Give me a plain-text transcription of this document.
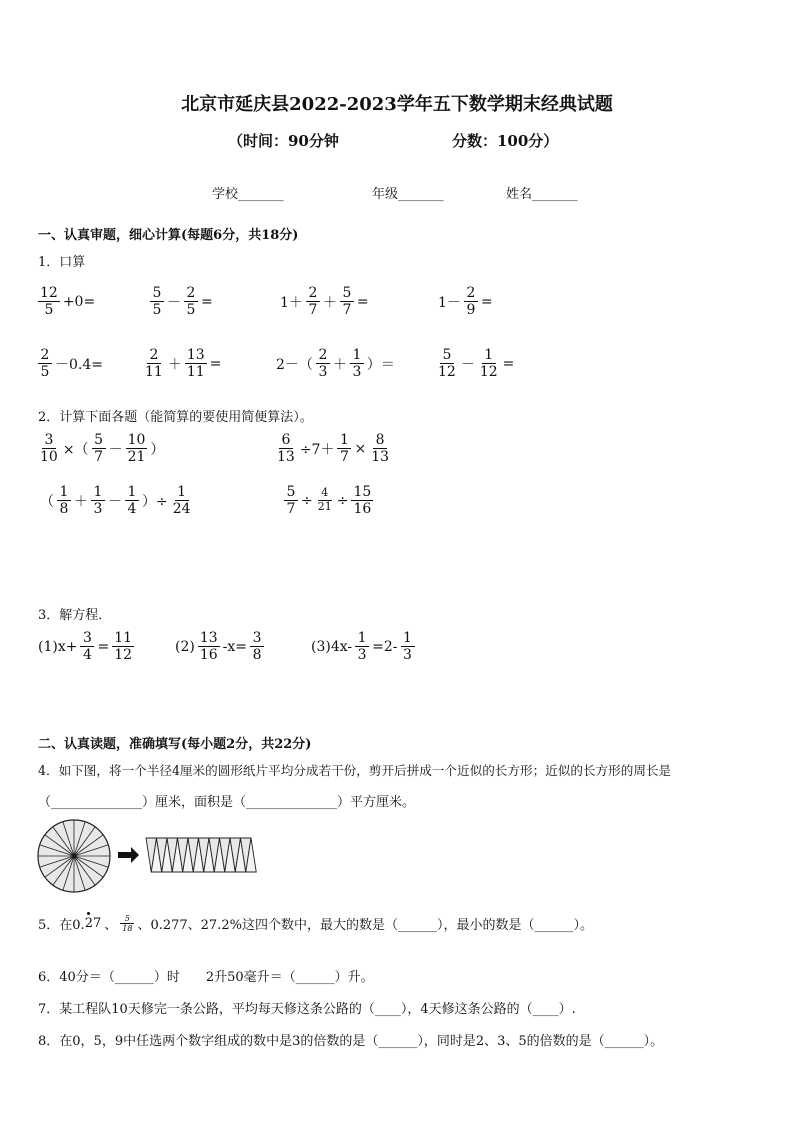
北京市延庆县2022-2023学年五下数学期末经典试题
（时间：90分钟	分数：100分）
学校_______	年级_______	姓名_______
一、认真审题，细心计算(每题6分，共18分)
1．口算
$\frac{12}{5} +0=$	$\frac{5}{5} - \frac{2}{5}$ =	$1+ \frac{2}{7} + \frac{5}{7}$ =	$1- \frac{2}{9}$ =
$\frac{2}{5} -0.4=$	$\frac{2}{11} + \frac{13}{11}$ =	$2-( \frac{2}{3} + \frac{1}{3}$ ）＝	$\frac{5}{12} - \frac{1}{12}$ =
2．计算下面各题（能简算的要使用简便算法）。
$\frac{3}{10}$ ×（ $\frac{5}{7} - \frac{10}{21}$ ）	$\frac{6}{13} \div 7+ \frac{1}{7} \times \frac{8}{13}$
（ $\frac{1}{8} + \frac{1}{3} - \frac{1}{4}$ ）÷ $\frac{1}{24}$	$\frac{5}{7} \div \frac{4}{21} \div \frac{15}{16}$
3．解方程．
$(1)x+ \frac{3}{4} = \frac{11}{12}$	$(2) \frac{13}{16} -x= \frac{3}{8}$	$(3)4x- \frac{1}{3} =2- \frac{1}{3}$
二、认真读题，准确填写(每小题2分，共22分)
4．如下图，将一个半径4厘米的圆形纸片平均分成若干份，剪开后拼成一个近似的长方形；近似的长方形的周长是
（______________）厘米，面积是（______________）平方厘米。
5．在0. 27 、 $\frac{5}{18}$ 、0.277、27.2%这四个数中，最大的数是（______），最小的数是（______）。
6．40分＝（______）时　　2升50毫升＝（______）升。
7．某工程队10天修完一条公路，平均每天修这条公路的（____），4天修这条公路的（____）.
8．在0，5，9中任选两个数字组成的数中是3的倍数的是（______），同时是2、3、5的倍数的是（______）。
